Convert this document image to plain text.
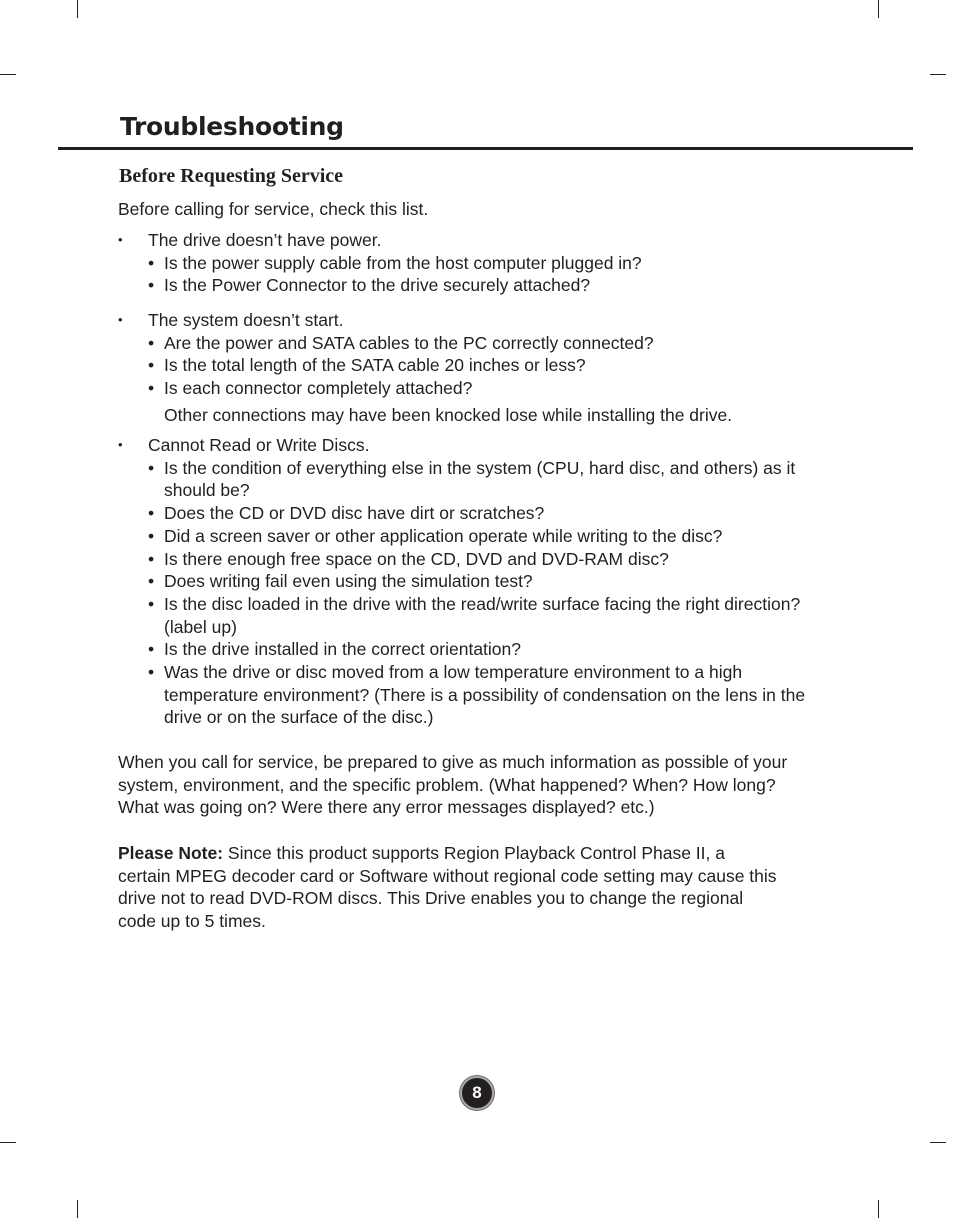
Troubleshooting
Before Requesting Service

Before calling for service, check this list.

• The drive doesn’t have power.

• Is the power supply cable from the host computer plugged in?
• Is the Power Connector to the drive securely attached?
• The system doesn’t start.

• Are the power and SATA cables to the PC correctly connected?
• Is the total length of the SATA cable 20 inches or less?
• Is each connector completely attached?

Other connections may have been knocked lose while installing the drive.

• Cannot Read or Write Discs.

• Is the condition of everything else in the system (CPU, hard disc, and others) as it should be?
• Does the CD or DVD disc have dirt or scratches?
• Did a screen saver or other application operate while writing to the disc?
• Is there enough free space on the CD, DVD and DVD-RAM disc?
• Does writing fail even using the simulation test?
• Is the disc loaded in the drive with the read/write surface facing the right direction? (label up)
• Is the drive installed in the correct orientation?
• Was the drive or disc moved from a low temperature environment to a high temperature environment? (There is a possibility of condensation on the lens in the drive or on the surface of the disc.)

When you call for service, be prepared to give as much information as possible of your system, environment, and the specific problem. (What happened? When? How long? What was going on? Were there any error messages displayed? etc.)

Please Note: Since this product supports Region Playback Control Phase II, a certain MPEG decoder card or Software without regional code setting may cause this drive not to read DVD-ROM discs. This Drive enables you to change the regional code up to 5 times.

8
